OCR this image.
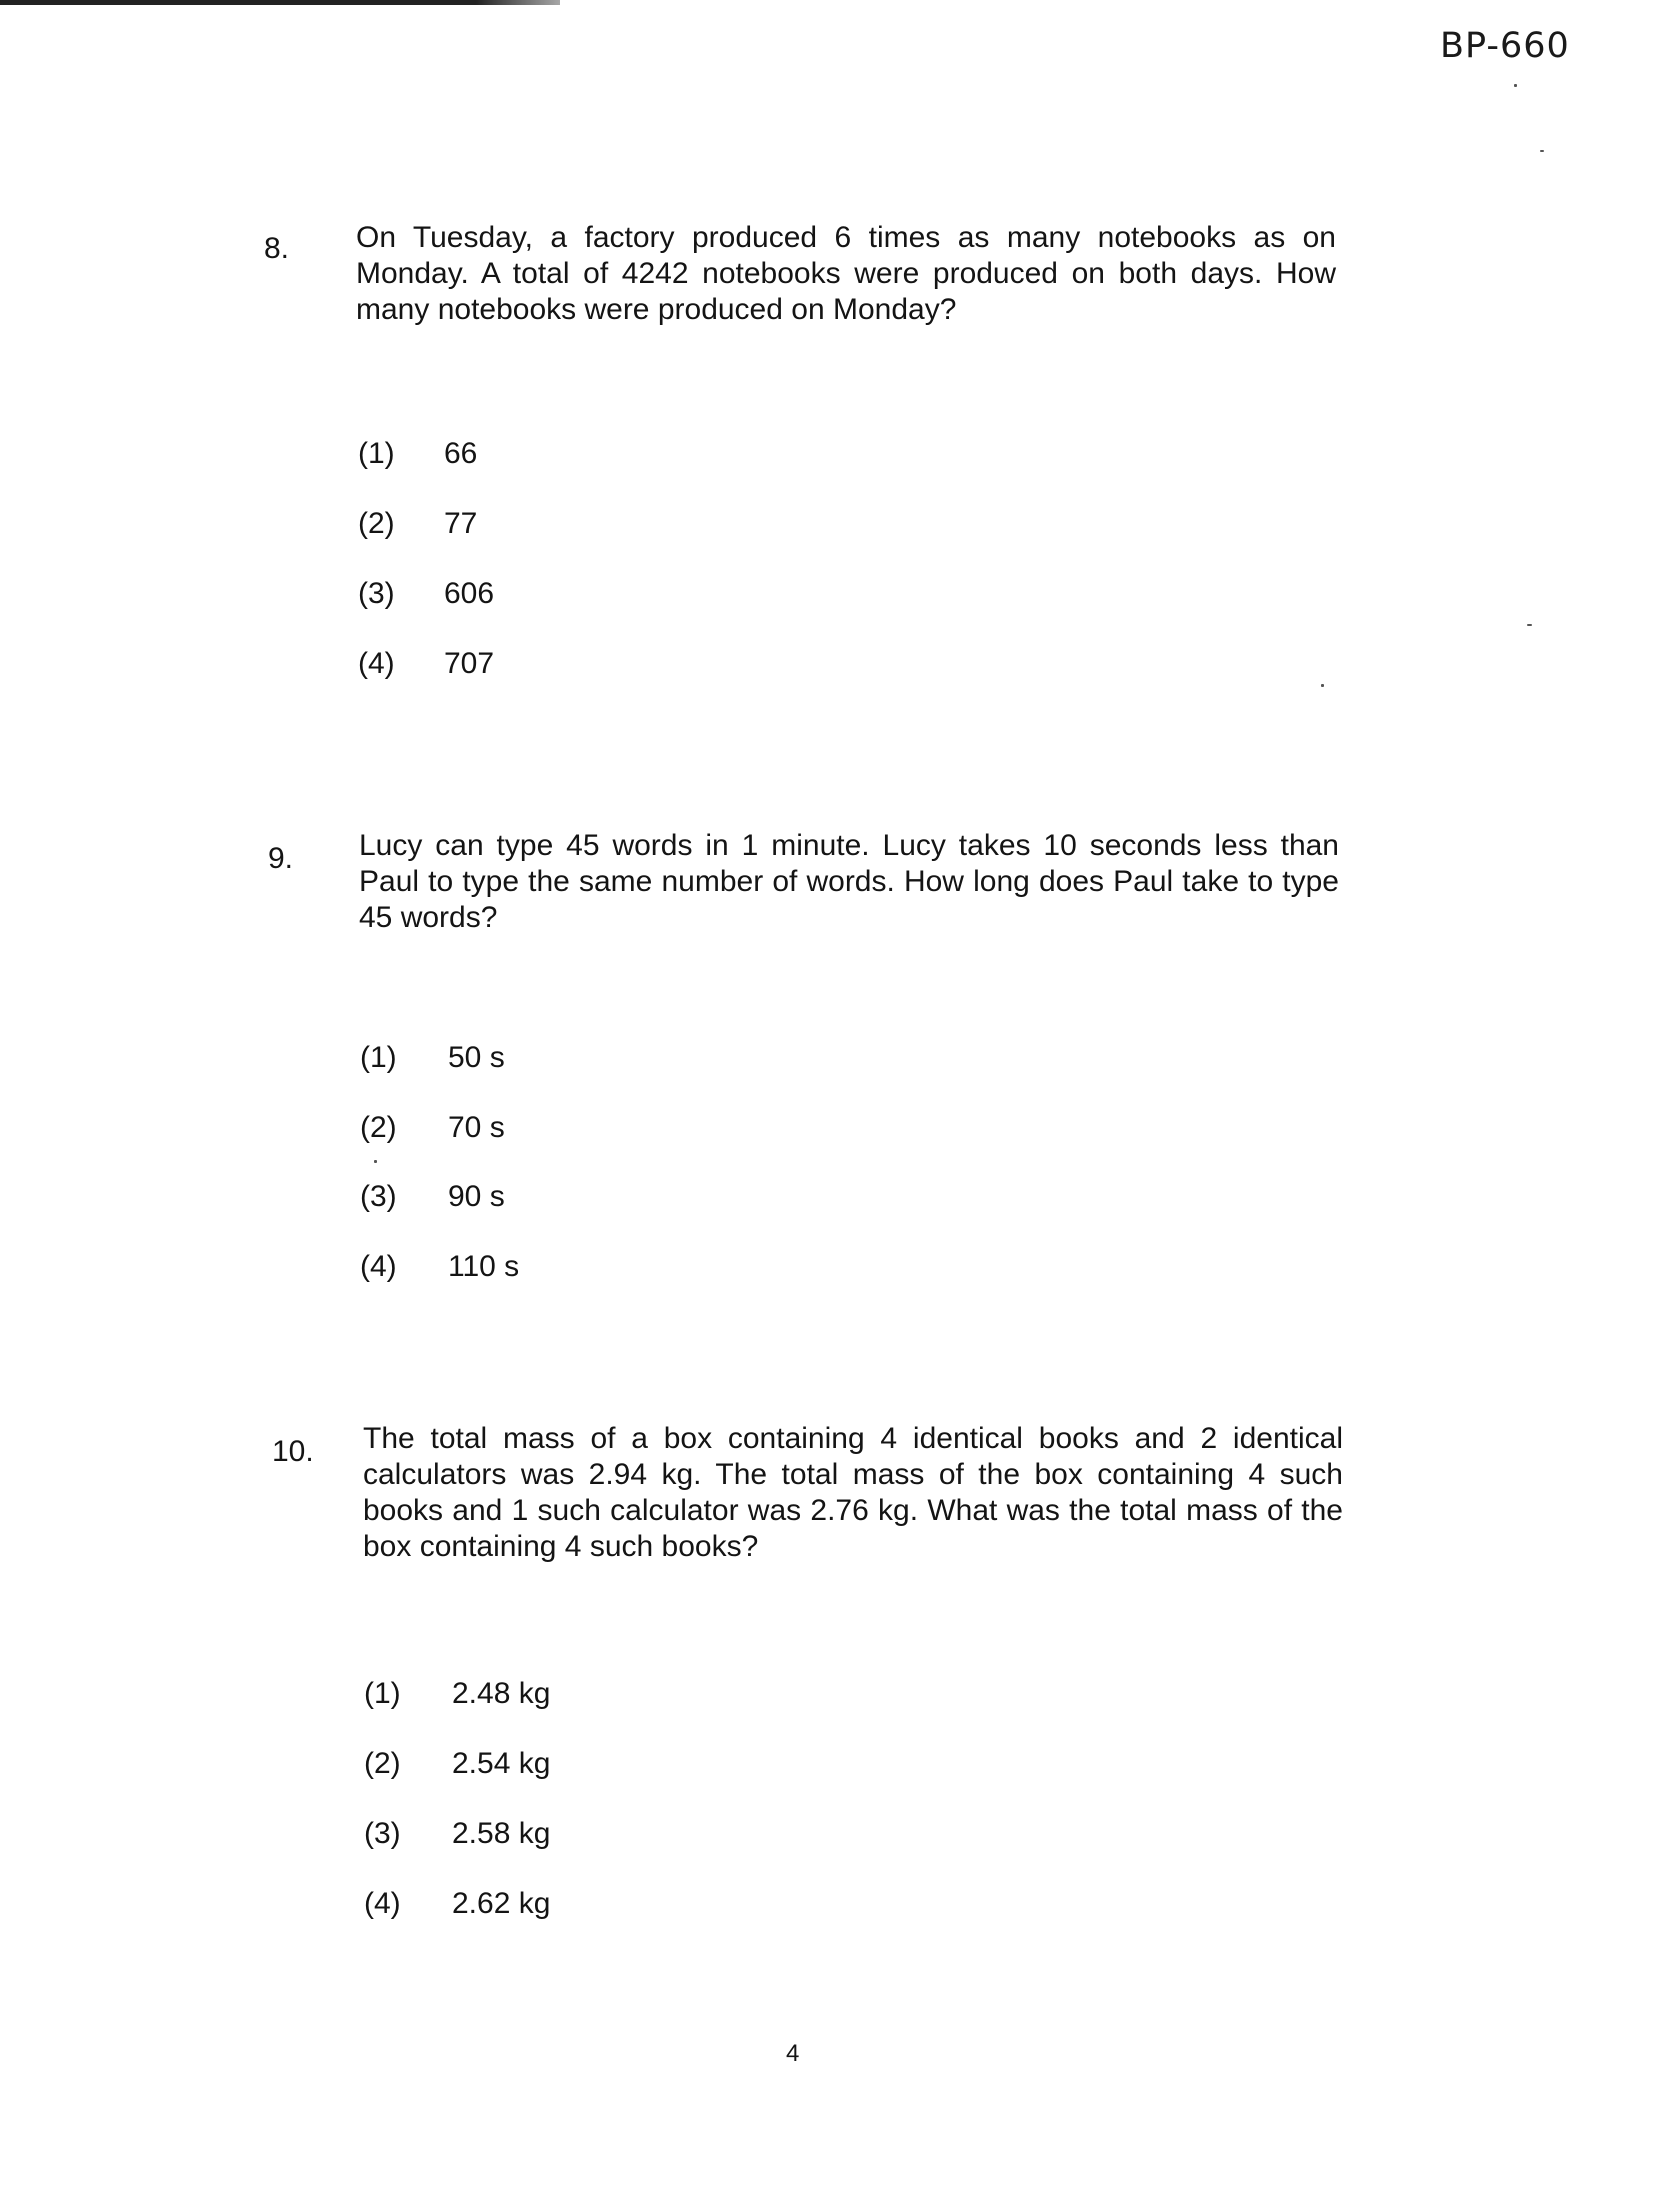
BP-660
8. On Tuesday, a factory produced 6 times as many notebooks as on Monday. A total of 4242 notebooks were produced on both days. How many notebooks were produced on Monday?
(1) 66
(2) 77
(3) 606
(4) 707
9. Lucy can type 45 words in 1 minute. Lucy takes 10 seconds less than Paul to type the same number of words. How long does Paul take to type 45 words?
(1) 50 s
(2) 70 s
(3) 90 s
(4) 110 s
10. The total mass of a box containing 4 identical books and 2 identical calculators was 2.94 kg. The total mass of the box containing 4 such books and 1 such calculator was 2.76 kg. What was the total mass of the box containing 4 such books?
(1) 2.48 kg
(2) 2.54 kg
(3) 2.58 kg
(4) 2.62 kg
4
